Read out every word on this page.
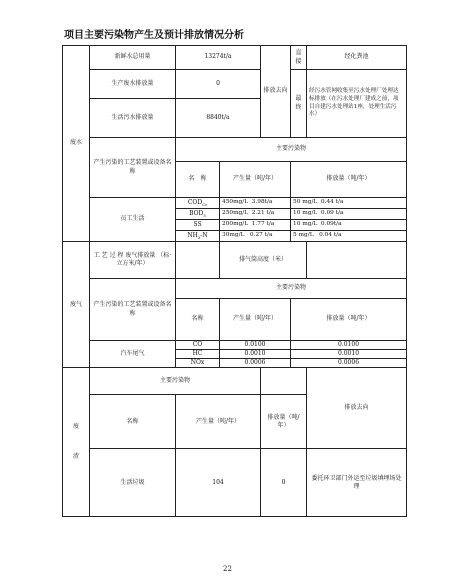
项目主要污染物产生及预计排放情况分析
废水	新鲜水总用量	13274t/a		排放去向	直接	经化粪池
	生产废水排放量	0			最终	经污水管网收集至污水处理厂处理达标排放（在污水处理厂建成之前，项目自建污水处理站1座，处理生活污水）
	生活污水排放量	8840t/a				
	产生污染的工艺装置或设备名称	主要污染物				
		名　称	产生量（吨/年）		排放量（吨/年）	
	员工生活	$COD_{Cr}$	450mg/L  3.98t/a		50 mg/L  0.44 t/a	
		$BOD_5$	250mg/L  2.21 t/a		10 mg/L  0.09 t/a	
		SS	200mg/L  1.77 t/a		10 mg/L  0.09t/a	
		$NH_3-N$	30mg/L   0.27 t/a		5 mg/L   0.04 t/a	
废气	工 艺 过 程 废气排放量 （标·立方米/年）		排气筒高度（米）			
	产生污染的工艺装置或设备名称	主要污染物				
		名称	产生量（吨/年）		排放量（吨/年）	
	汽车尾气	CO	0.0100		0.0100	
		HC	0.0010		0.0010	
		NOx	0.0006		0.0006	

废
渣	主要污染物					排放去向
	名称	产生量（吨/年）		排放量（吨/年）		
	生活垃圾	104		0		委托环卫部门外运至垃圾填埋场处理
22
